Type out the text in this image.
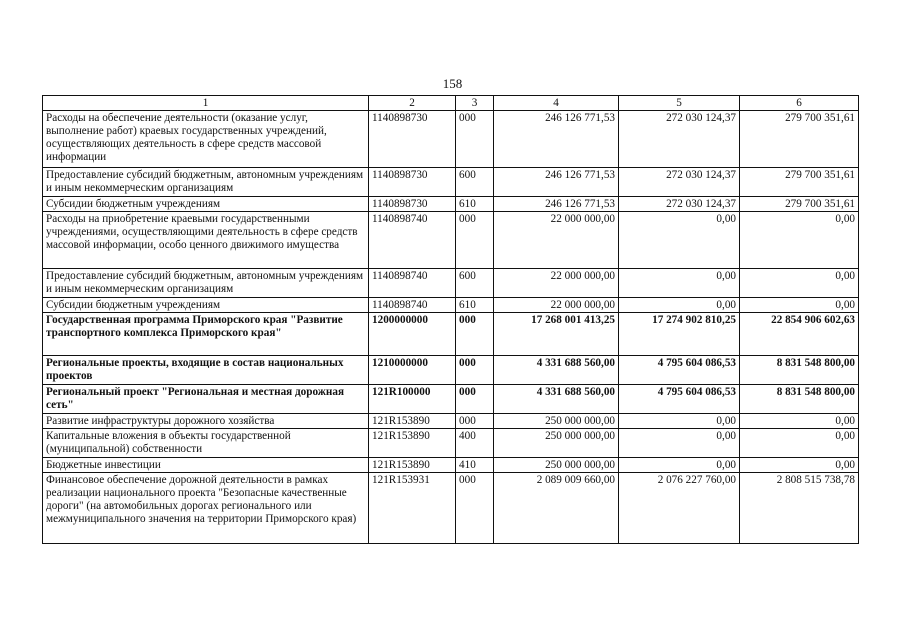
158
1	2	3	4	5	6
Расходы на обеспечение деятельности (оказание услуг, выполнение работ) краевых государственных учреждений, осуществляющих деятельность в сфере средств массовой информации	1140898730	000	246 126 771,53	272 030 124,37	279 700 351,61
Предоставление субсидий бюджетным, автономным учреждениям и иным некоммерческим организациям	1140898730	600	246 126 771,53	272 030 124,37	279 700 351,61
Субсидии бюджетным учреждениям	1140898730	610	246 126 771,53	272 030 124,37	279 700 351,61
Расходы на приобретение краевыми государственными учреждениями, осуществляющими деятельность в сфере средств массовой информации, особо ценного движимого имущества	1140898740	000	22 000 000,00	0,00	0,00
Предоставление субсидий бюджетным, автономным учреждениям и иным некоммерческим организациям	1140898740	600	22 000 000,00	0,00	0,00
Субсидии бюджетным учреждениям	1140898740	610	22 000 000,00	0,00	0,00
Государственная программа Приморского края "Развитие транспортного комплекса Приморского края"	1200000000	000	17 268 001 413,25	17 274 902 810,25	22 854 906 602,63
Региональные проекты, входящие в состав национальных проектов	1210000000	000	4 331 688 560,00	4 795 604 086,53	8 831 548 800,00
Региональный проект "Региональная и местная дорожная сеть"	121R100000	000	4 331 688 560,00	4 795 604 086,53	8 831 548 800,00
Развитие инфраструктуры дорожного хозяйства	121R153890	000	250 000 000,00	0,00	0,00
Капитальные вложения в объекты государственной (муниципальной) собственности	121R153890	400	250 000 000,00	0,00	0,00
Бюджетные инвестиции	121R153890	410	250 000 000,00	0,00	0,00
Финансовое обеспечение дорожной деятельности в рамках реализации национального проекта "Безопасные качественные дороги" (на автомобильных дорогах регионального или межмуниципального значения на территории Приморского края)	121R153931	000	2 089 009 660,00	2 076 227 760,00	2 808 515 738,78
